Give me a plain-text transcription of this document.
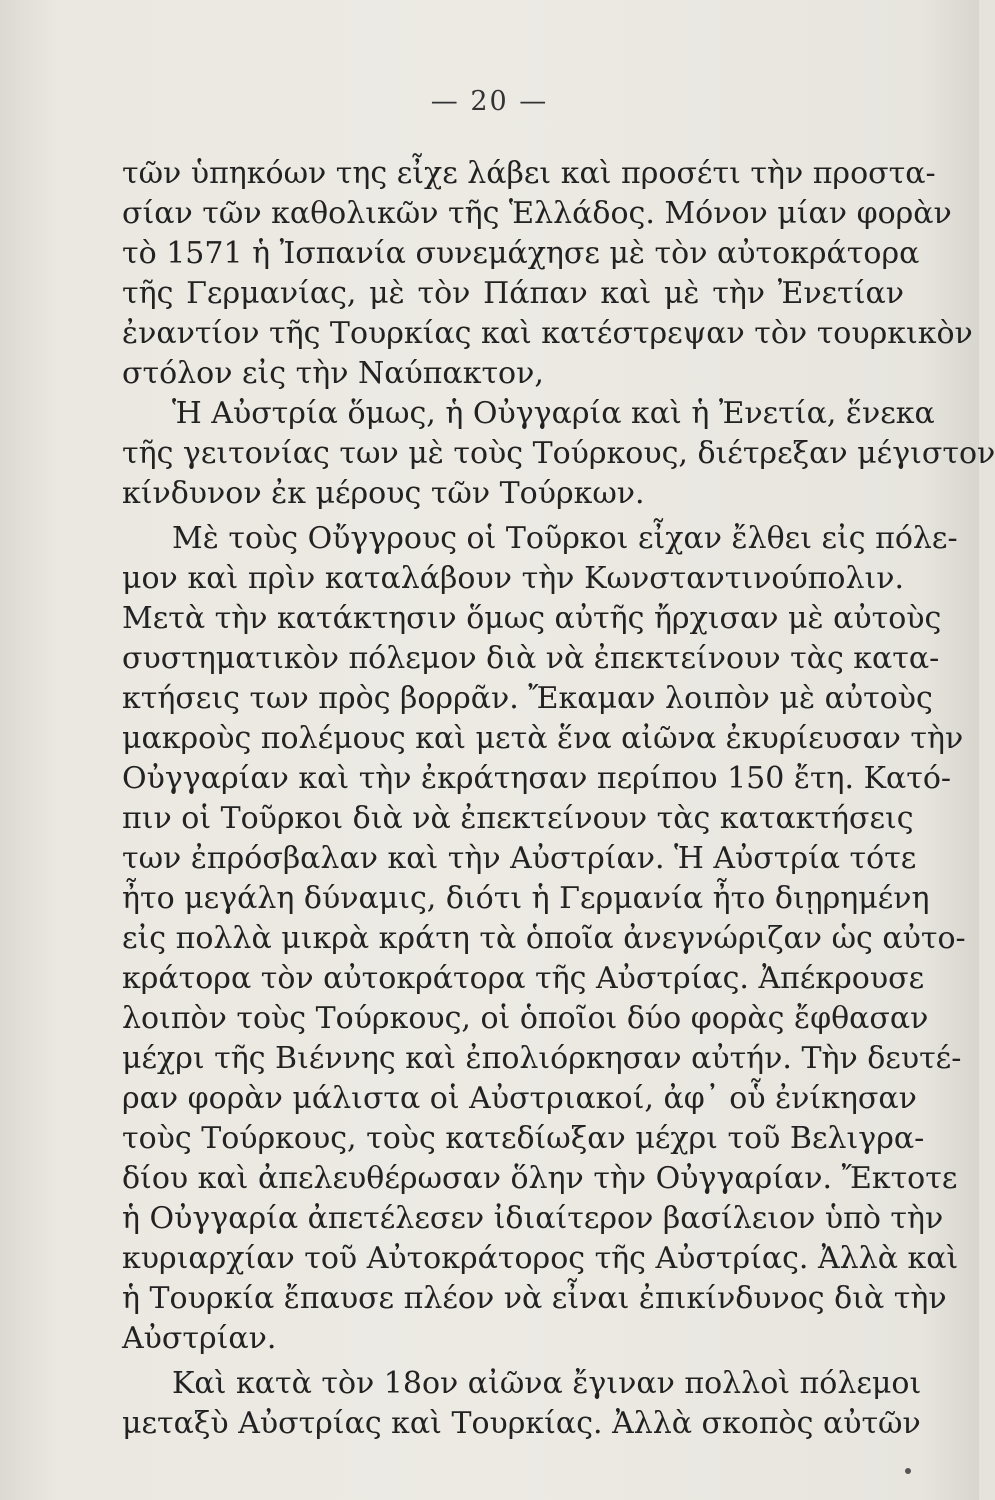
— 20 —
τῶν ὑπηκόων της εἶχε λάβει καὶ προσέτι τὴν προστα-
σίαν τῶν καθολικῶν τῆς Ἑλλάδος. Μόνον μίαν φορὰν
τὸ 1571 ἡ Ἰσπανία συνεμάχησε μὲ τὸν αὐτοκράτορα
τῆς Γερμανίας, μὲ τὸν Πάπαν καὶ μὲ τὴν Ἐνετίαν
ἐναντίον τῆς Τουρκίας καὶ κατέστρεψαν τὸν τουρκικὸν
στόλον εἰς τὴν Ναύπακτον,
Ἡ Αὐστρία ὅμως, ἡ Οὐγγαρία καὶ ἡ Ἐνετία, ἕνεκα
τῆς γειτονίας των μὲ τοὺς Τούρκους, διέτρεξαν μέγιστον
κίνδυνον ἐκ μέρους τῶν Τούρκων.
Μὲ τοὺς Οὔγγρους οἱ Τοῦρκοι εἶχαν ἔλθει εἰς πόλε-
μον καὶ πρὶν καταλάβουν τὴν Κωνσταντινούπολιν.
Μετὰ τὴν κατάκτησιν ὅμως αὐτῆς ἤρχισαν μὲ αὐτοὺς
συστηματικὸν πόλεμον διὰ νὰ ἐπεκτείνουν τὰς κατα-
κτήσεις των πρὸς βορρᾶν. Ἔκαμαν λοιπὸν μὲ αὐτοὺς
μακροὺς πολέμους καὶ μετὰ ἕνα αἰῶνα ἐκυρίευσαν τὴν
Οὐγγαρίαν καὶ τὴν ἐκράτησαν περίπου 150 ἔτη. Κατό-
πιν οἱ Τοῦρκοι διὰ νὰ ἐπεκτείνουν τὰς κατακτήσεις
των ἐπρόσβαλαν καὶ τὴν Αὐστρίαν. Ἡ Αὐστρία τότε
ἦτο μεγάλη δύναμις, διότι ἡ Γερμανία ἦτο διῃρημένη
εἰς πολλὰ μικρὰ κράτη τὰ ὁποῖα ἀνεγνώριζαν ὡς αὐτο-
κράτορα τὸν αὐτοκράτορα τῆς Αὐστρίας. Ἀπέκρουσε
λοιπὸν τοὺς Τούρκους, οἱ ὁποῖοι δύο φορὰς ἔφθασαν
μέχρι τῆς Βιέννης καὶ ἐπολιόρκησαν αὐτήν. Τὴν δευτέ-
ραν φορὰν μάλιστα οἱ Αὐστριακοί, ἀφ᾽ οὗ ἐνίκησαν
τοὺς Τούρκους, τοὺς κατεδίωξαν μέχρι τοῦ Βελιγρα-
δίου καὶ ἀπελευθέρωσαν ὅλην τὴν Οὐγγαρίαν. Ἔκτοτε
ἡ Οὐγγαρία ἀπετέλεσεν ἰδιαίτερον βασίλειον ὑπὸ τὴν
κυριαρχίαν τοῦ Αὐτοκράτορος τῆς Αὐστρίας. Ἀλλὰ καὶ
ἡ Τουρκία ἔπαυσε πλέον νὰ εἶναι ἐπικίνδυνος διὰ τὴν
Αὐστρίαν.
Καὶ κατὰ τὸν 18ον αἰῶνα ἔγιναν πολλοὶ πόλεμοι
μεταξὺ Αὐστρίας καὶ Τουρκίας. Ἀλλὰ σκοπὸς αὐτῶν
